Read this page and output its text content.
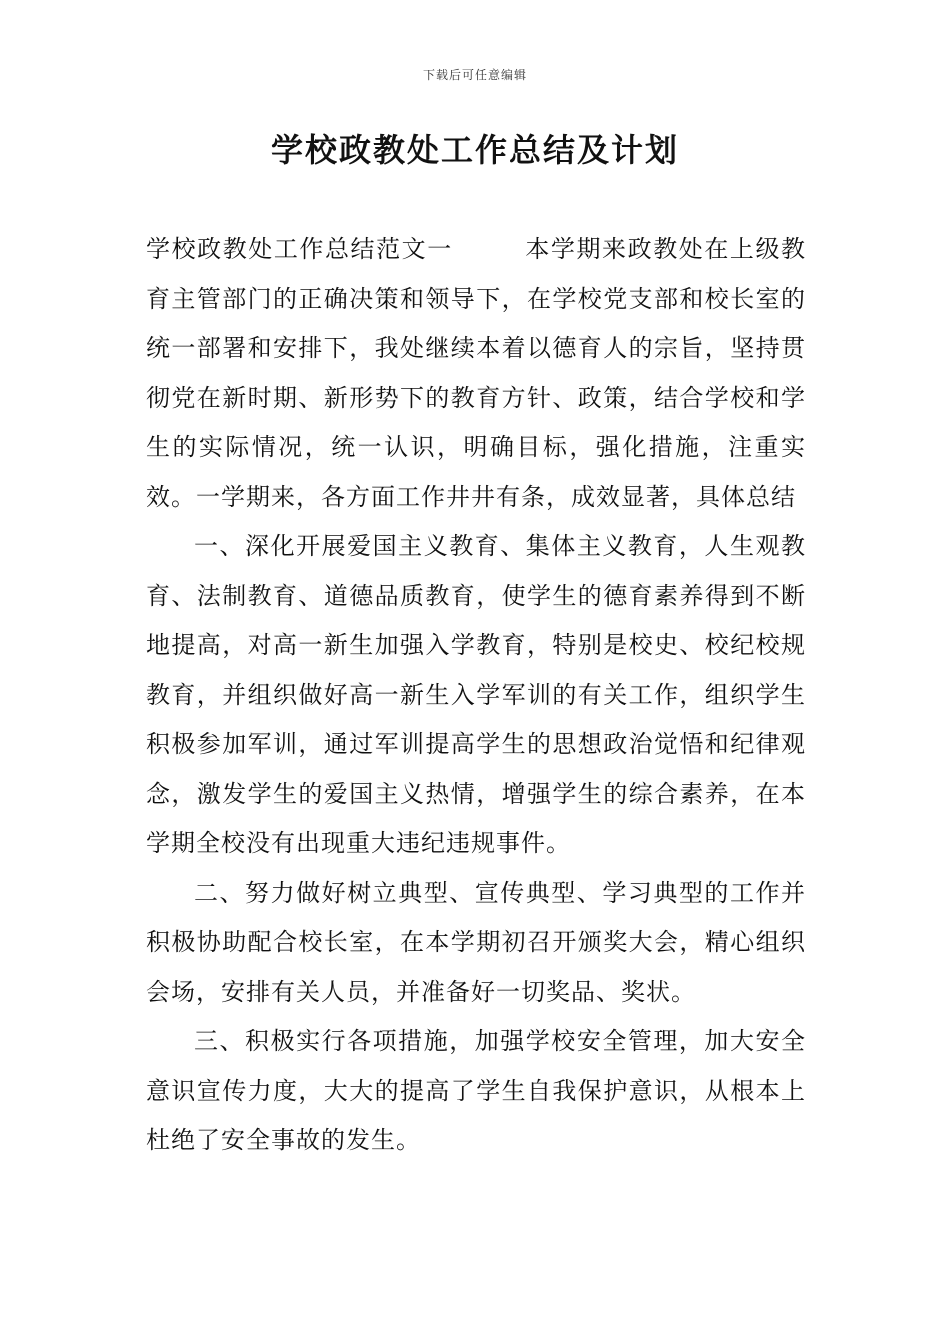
下载后可任意编辑
学校政教处工作总结及计划

学校政教处工作总结范文一	本学期来政教处在上级教育主管部门的正确决策和领导下，在学校党支部和校长室的统一部署和安排下，我处继续本着以德育人的宗旨，坚持贯彻党在新时期、新形势下的教育方针、政策，结合学校和学生的实际情况，统一认识，明确目标，强化措施，注重实效。一学期来，各方面工作井井有条，成效显著，具体总结

一、深化开展爱国主义教育、集体主义教育，人生观教育、法制教育、道德品质教育，使学生的德育素养得到不断地提高，对高一新生加强入学教育，特别是校史、校纪校规教育，并组织做好高一新生入学军训的有关工作，组织学生积极参加军训，通过军训提高学生的思想政治觉悟和纪律观念，激发学生的爱国主义热情，增强学生的综合素养，在本学期全校没有出现重大违纪违规事件。

二、努力做好树立典型、宣传典型、学习典型的工作并积极协助配合校长室，在本学期初召开颁奖大会，精心组织会场，安排有关人员，并准备好一切奖品、奖状。

三、积极实行各项措施，加强学校安全管理，加大安全意识宣传力度，大大的提高了学生自我保护意识，从根本上杜绝了安全事故的发生。
